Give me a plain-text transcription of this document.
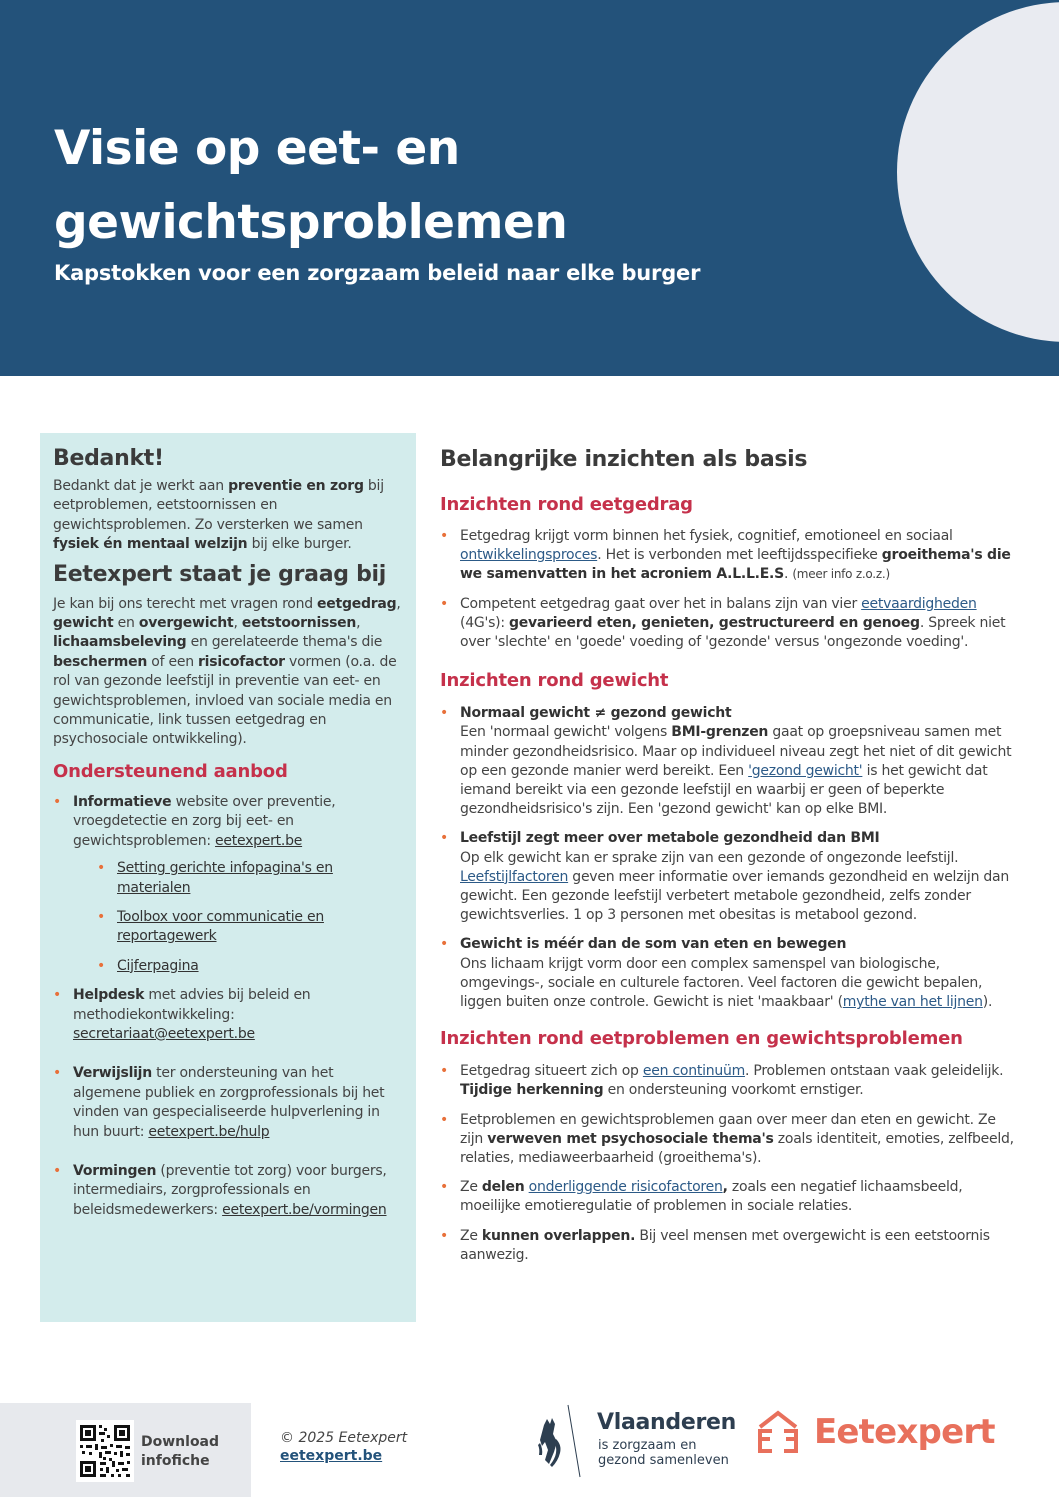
Visie op eet- en gewichtsproblemen
Kapstokken voor een zorgzaam beleid naar elke burger
Bedankt!

Bedankt dat je werkt aan preventie en zorg bij eetproblemen, eetstoornissen en gewichtsproblemen. Zo versterken we samen fysiek én mentaal welzijn bij elke burger.

Eetexpert staat je graag bij

Je kan bij ons terecht met vragen rond eetgedrag, gewicht en overgewicht, eetstoornissen, lichaamsbeleving en gerelateerde thema's die beschermen of een risicofactor vormen (o.a. de rol van gezonde leefstijl in preventie van eet- en gewichtsproblemen, invloed van sociale media en communicatie, link tussen eetgedrag en psychosociale ontwikkeling).

Ondersteunend aanbod
• Informatieve website over preventie, vroegdetectie en zorg bij eet- en gewichtsproblemen: eetexpert.be
• Setting gerichte infopagina's en materialen
• Toolbox voor communicatie en reportagewerk
• Cijferpagina
• Helpdesk met advies bij beleid en methodiekontwikkeling: secretariaat@eetexpert.be
• Verwijslijn ter ondersteuning van het algemene publiek en zorgprofessionals bij het vinden van gespecialiseerde hulpverlening in hun buurt: eetexpert.be/hulp
• Vormingen (preventie tot zorg) voor burgers, intermediairs, zorgprofessionals en beleidsmedewerkers: eetexpert.be/vormingen
Belangrijke inzichten als basis
Inzichten rond eetgedrag
• Eetgedrag krijgt vorm binnen het fysiek, cognitief, emotioneel en sociaal ontwikkelingsproces. Het is verbonden met leeftijdsspecifieke groeithema's die we samenvatten in het acroniem A.L.L.E.S. (meer info z.o.z.)
• Competent eetgedrag gaat over het in balans zijn van vier eetvaardigheden (4G's): gevarieerd eten, genieten, gestructureerd en genoeg. Spreek niet over 'slechte' en 'goede' voeding of 'gezonde' versus 'ongezonde voeding'.
Inzichten rond gewicht
• Normaal gewicht ≠ gezond gewicht
Een 'normaal gewicht' volgens BMI-grenzen gaat op groepsniveau samen met minder gezondheidsrisico. Maar op individueel niveau zegt het niet of dit gewicht op een gezonde manier werd bereikt. Een 'gezond gewicht' is het gewicht dat iemand bereikt via een gezonde leefstijl en waarbij er geen of beperkte gezondheidsrisico's zijn. Een 'gezond gewicht' kan op elke BMI.
• Leefstijl zegt meer over metabole gezondheid dan BMI
Op elk gewicht kan er sprake zijn van een gezonde of ongezonde leefstijl. Leefstijlfactoren geven meer informatie over iemands gezondheid en welzijn dan gewicht. Een gezonde leefstijl verbetert metabole gezondheid, zelfs zonder gewichtsverlies. 1 op 3 personen met obesitas is metabool gezond.
• Gewicht is méér dan de som van eten en bewegen
Ons lichaam krijgt vorm door een complex samenspel van biologische, omgevings-, sociale en culturele factoren. Veel factoren die gewicht bepalen, liggen buiten onze controle. Gewicht is niet 'maakbaar' (mythe van het lijnen).
Inzichten rond eetproblemen en gewichtsproblemen
• Eetgedrag situeert zich op een continuüm. Problemen ontstaan vaak geleidelijk. Tijdige herkenning en ondersteuning voorkomt ernstiger.
• Eetproblemen en gewichtsproblemen gaan over meer dan eten en gewicht. Ze zijn verweven met psychosociale thema's zoals identiteit, emoties, zelfbeeld, relaties, mediaweerbaarheid (groeithema's).
• Ze delen onderliggende risicofactoren, zoals een negatief lichaamsbeeld, moeilijke emotieregulatie of problemen in sociale relaties.
• Ze kunnen overlappen. Bij veel mensen met overgewicht is een eetstoornis aanwezig.
Download infofiche
© 2025 Eetexpert
eetexpert.be
Vlaanderen
is zorgzaam en gezond samenleven
Eetexpert
